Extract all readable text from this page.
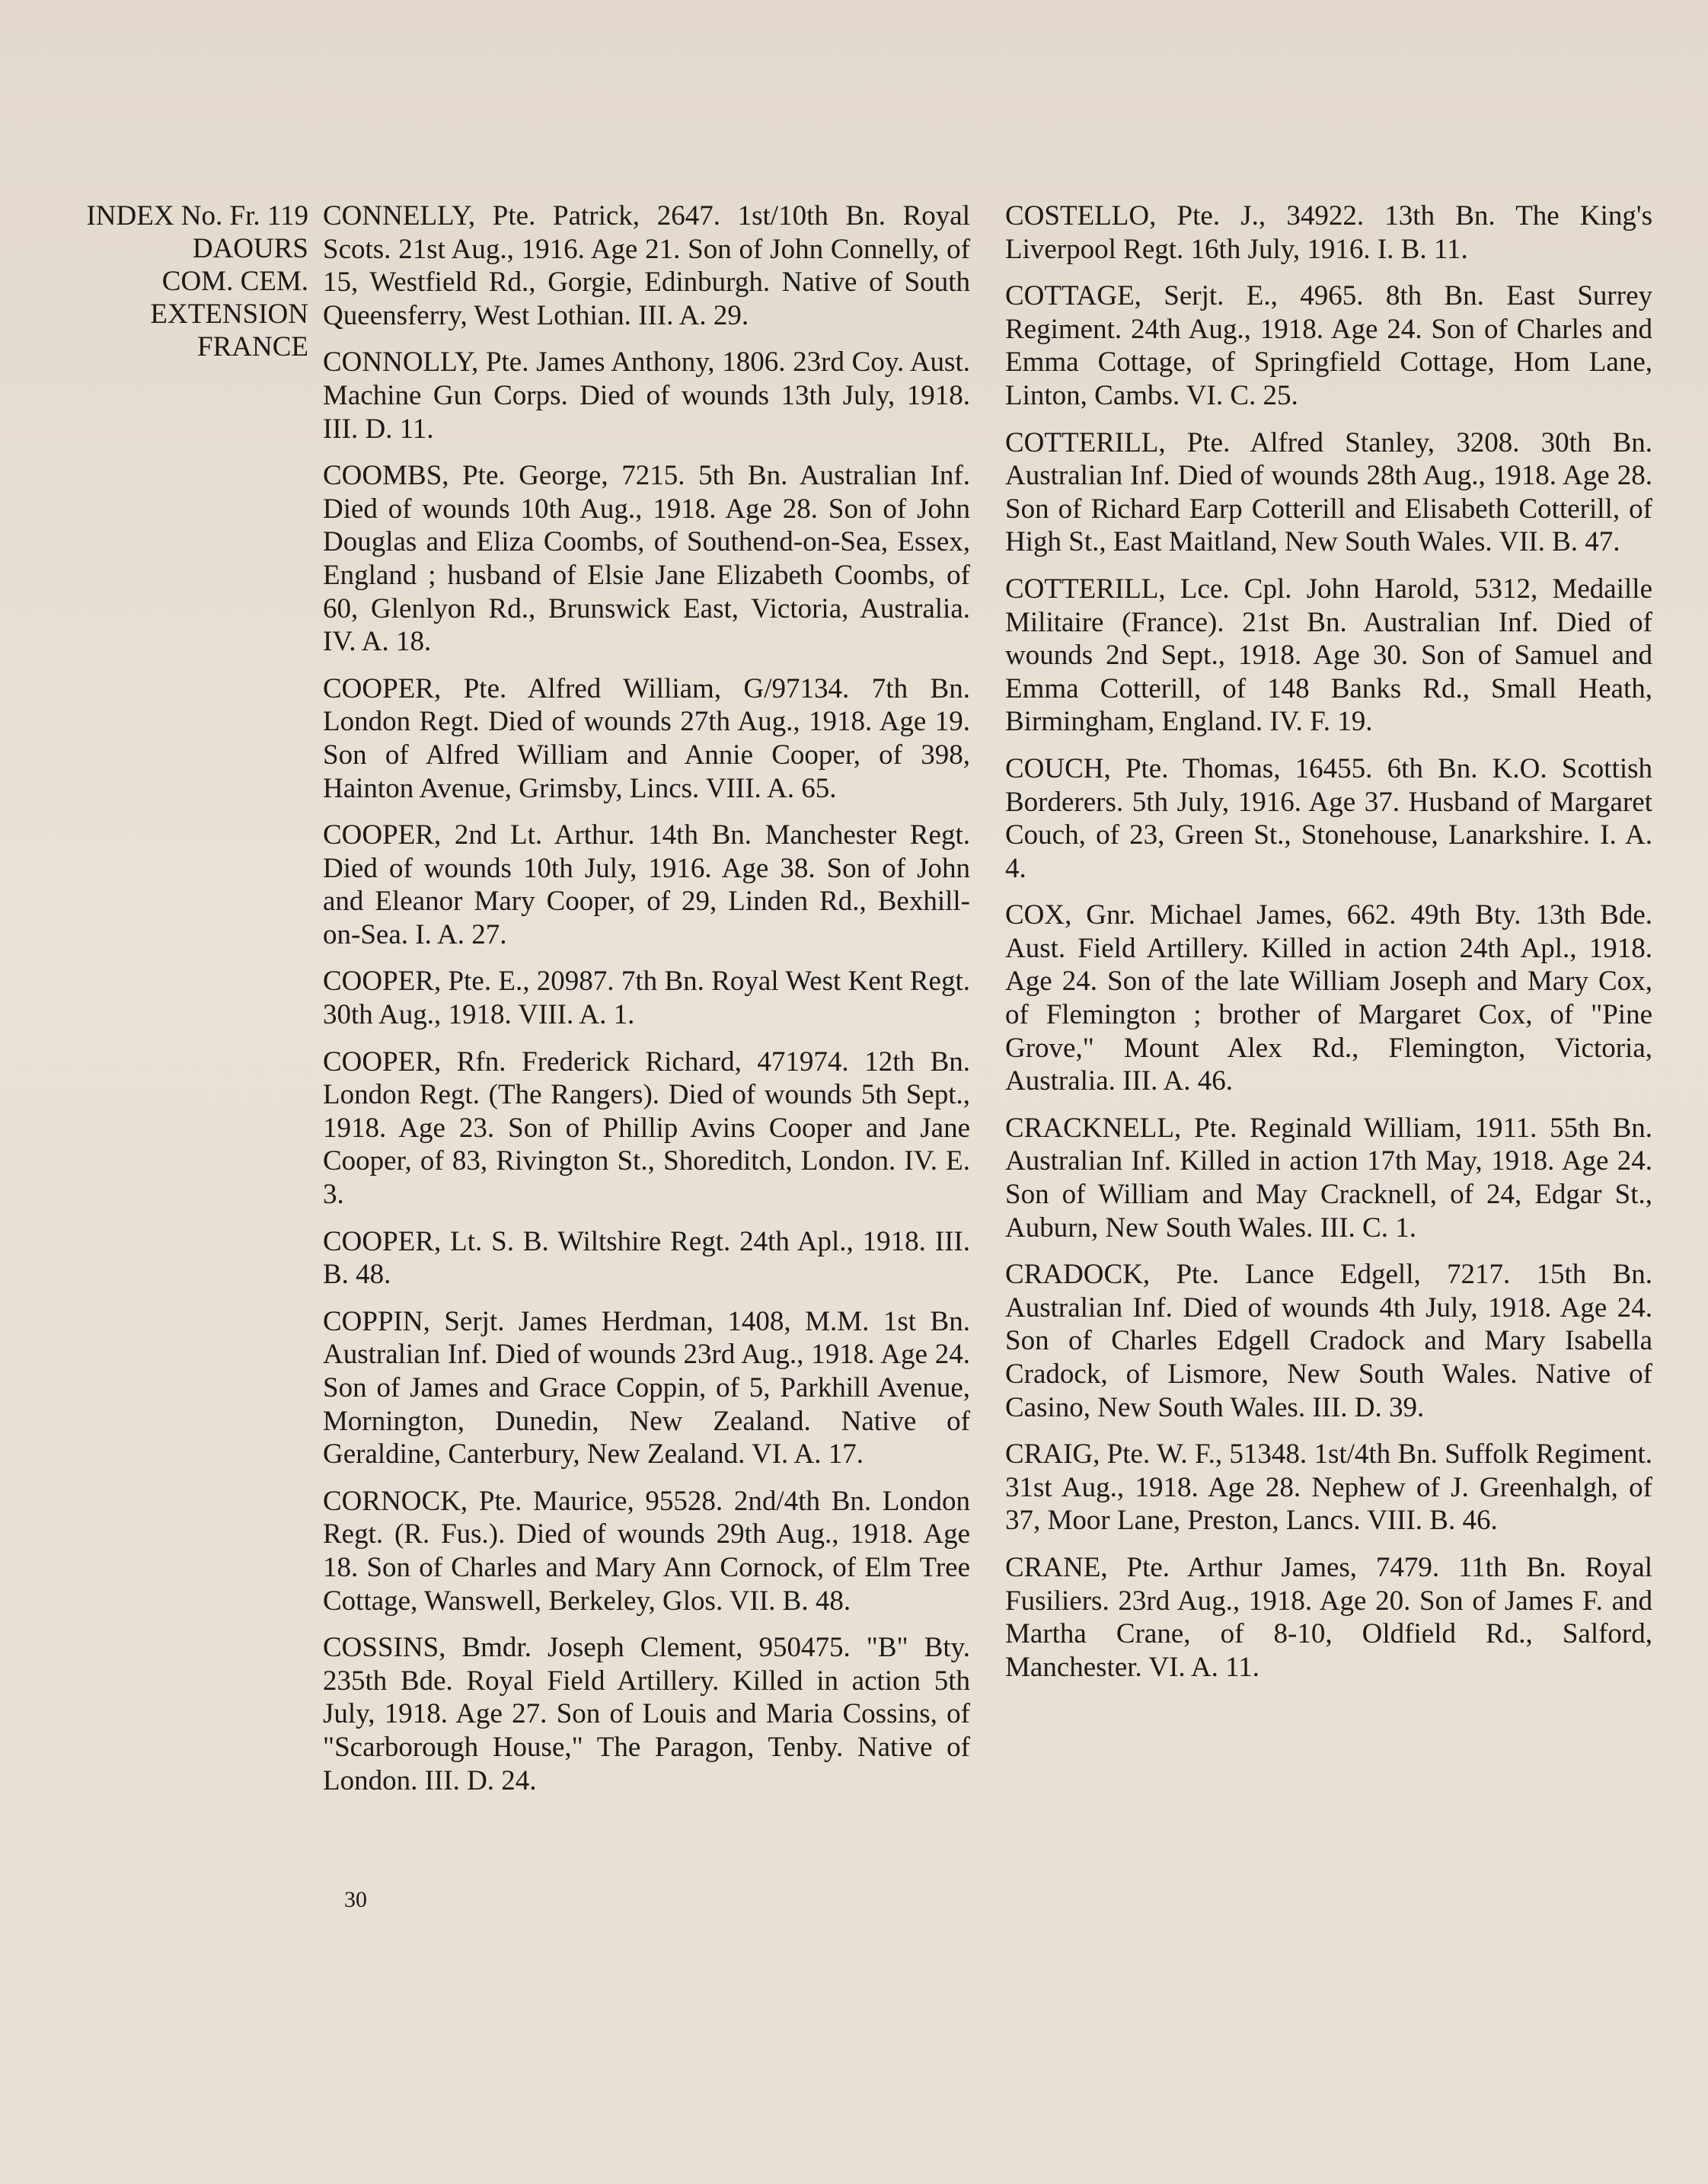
INDEX No. Fr. 119
DAOURS
COM. CEM.
EXTENSION
FRANCE

CONNELLY, Pte. Patrick, 2647. 1st/10th Bn. Royal Scots. 21st Aug., 1916. Age 21. Son of John Connelly, of 15, Westfield Rd., Gorgie, Edinburgh. Native of South Queensferry, West Lothian. III. A. 29.

CONNOLLY, Pte. James Anthony, 1806. 23rd Coy. Aust. Machine Gun Corps. Died of wounds 13th July, 1918. III. D. 11.

COOMBS, Pte. George, 7215. 5th Bn. Australian Inf. Died of wounds 10th Aug., 1918. Age 28. Son of John Douglas and Eliza Coombs, of Southend-on-Sea, Essex, England ; husband of Elsie Jane Elizabeth Coombs, of 60, Glenlyon Rd., Brunswick East, Victoria, Australia. IV. A. 18.

COOPER, Pte. Alfred William, G/97134. 7th Bn. London Regt. Died of wounds 27th Aug., 1918. Age 19. Son of Alfred William and Annie Cooper, of 398, Hainton Avenue, Grimsby, Lincs. VIII. A. 65.

COOPER, 2nd Lt. Arthur. 14th Bn. Manchester Regt. Died of wounds 10th July, 1916. Age 38. Son of John and Eleanor Mary Cooper, of 29, Linden Rd., Bexhill-on-Sea. I. A. 27.

COOPER, Pte. E., 20987. 7th Bn. Royal West Kent Regt. 30th Aug., 1918. VIII. A. 1.

COOPER, Rfn. Frederick Richard, 471974. 12th Bn. London Regt. (The Rangers). Died of wounds 5th Sept., 1918. Age 23. Son of Phillip Avins Cooper and Jane Cooper, of 83, Rivington St., Shoreditch, London. IV. E. 3.

COOPER, Lt. S. B. Wiltshire Regt. 24th Apl., 1918. III. B. 48.

COPPIN, Serjt. James Herdman, 1408, M.M. 1st Bn. Australian Inf. Died of wounds 23rd Aug., 1918. Age 24. Son of James and Grace Coppin, of 5, Parkhill Avenue, Mornington, Dunedin, New Zealand. Native of Geraldine, Canterbury, New Zealand. VI. A. 17.

CORNOCK, Pte. Maurice, 95528. 2nd/4th Bn. London Regt. (R. Fus.). Died of wounds 29th Aug., 1918. Age 18. Son of Charles and Mary Ann Cornock, of Elm Tree Cottage, Wanswell, Berkeley, Glos. VII. B. 48.

COSSINS, Bmdr. Joseph Clement, 950475. "B" Bty. 235th Bde. Royal Field Artillery. Killed in action 5th July, 1918. Age 27. Son of Louis and Maria Cossins, of "Scarborough House," The Paragon, Tenby. Native of London. III. D. 24.

COSTELLO, Pte. J., 34922. 13th Bn. The King's Liverpool Regt. 16th July, 1916. I. B. 11.

COTTAGE, Serjt. E., 4965. 8th Bn. East Surrey Regiment. 24th Aug., 1918. Age 24. Son of Charles and Emma Cottage, of Springfield Cottage, Hom Lane, Linton, Cambs. VI. C. 25.

COTTERILL, Pte. Alfred Stanley, 3208. 30th Bn. Australian Inf. Died of wounds 28th Aug., 1918. Age 28. Son of Richard Earp Cotterill and Elisabeth Cotterill, of High St., East Maitland, New South Wales. VII. B. 47.

COTTERILL, Lce. Cpl. John Harold, 5312, Medaille Militaire (France). 21st Bn. Australian Inf. Died of wounds 2nd Sept., 1918. Age 30. Son of Samuel and Emma Cotterill, of 148 Banks Rd., Small Heath, Birmingham, England. IV. F. 19.

COUCH, Pte. Thomas, 16455. 6th Bn. K.O. Scottish Borderers. 5th July, 1916. Age 37. Husband of Margaret Couch, of 23, Green St., Stonehouse, Lanarkshire. I. A. 4.

COX, Gnr. Michael James, 662. 49th Bty. 13th Bde. Aust. Field Artillery. Killed in action 24th Apl., 1918. Age 24. Son of the late William Joseph and Mary Cox, of Flemington ; brother of Margaret Cox, of "Pine Grove," Mount Alex Rd., Flemington, Victoria, Australia. III. A. 46.

CRACKNELL, Pte. Reginald William, 1911. 55th Bn. Australian Inf. Killed in action 17th May, 1918. Age 24. Son of William and May Cracknell, of 24, Edgar St., Auburn, New South Wales. III. C. 1.

CRADOCK, Pte. Lance Edgell, 7217. 15th Bn. Australian Inf. Died of wounds 4th July, 1918. Age 24. Son of Charles Edgell Cradock and Mary Isabella Cradock, of Lismore, New South Wales. Native of Casino, New South Wales. III. D. 39.

CRAIG, Pte. W. F., 51348. 1st/4th Bn. Suffolk Regiment. 31st Aug., 1918. Age 28. Nephew of J. Greenhalgh, of 37, Moor Lane, Preston, Lancs. VIII. B. 46.

CRANE, Pte. Arthur James, 7479. 11th Bn. Royal Fusiliers. 23rd Aug., 1918. Age 20. Son of James F. and Martha Crane, of 8-10, Oldfield Rd., Salford, Manchester. VI. A. 11.

30
